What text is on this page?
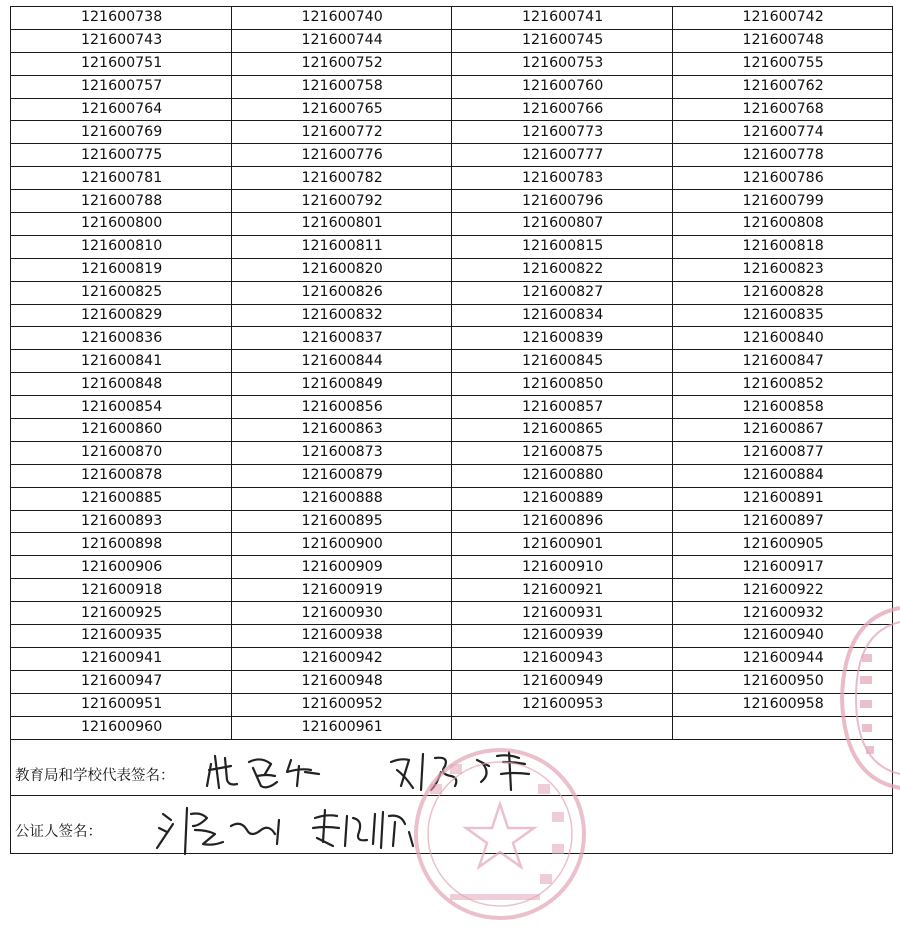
121600738	121600740	121600741	121600742
121600743	121600744	121600745	121600748
121600751	121600752	121600753	121600755
121600757	121600758	121600760	121600762
121600764	121600765	121600766	121600768
121600769	121600772	121600773	121600774
121600775	121600776	121600777	121600778
121600781	121600782	121600783	121600786
121600788	121600792	121600796	121600799
121600800	121600801	121600807	121600808
121600810	121600811	121600815	121600818
121600819	121600820	121600822	121600823
121600825	121600826	121600827	121600828
121600829	121600832	121600834	121600835
121600836	121600837	121600839	121600840
121600841	121600844	121600845	121600847
121600848	121600849	121600850	121600852
121600854	121600856	121600857	121600858
121600860	121600863	121600865	121600867
121600870	121600873	121600875	121600877
121600878	121600879	121600880	121600884
121600885	121600888	121600889	121600891
121600893	121600895	121600896	121600897
121600898	121600900	121600901	121600905
121600906	121600909	121600910	121600917
121600918	121600919	121600921	121600922
121600925	121600930	121600931	121600932
121600935	121600938	121600939	121600940
121600941	121600942	121600943	121600944
121600947	121600948	121600949	121600950
121600951	121600952	121600953	121600958
121600960	121600961		
教育局和学校代表签名：
公证人签名：
